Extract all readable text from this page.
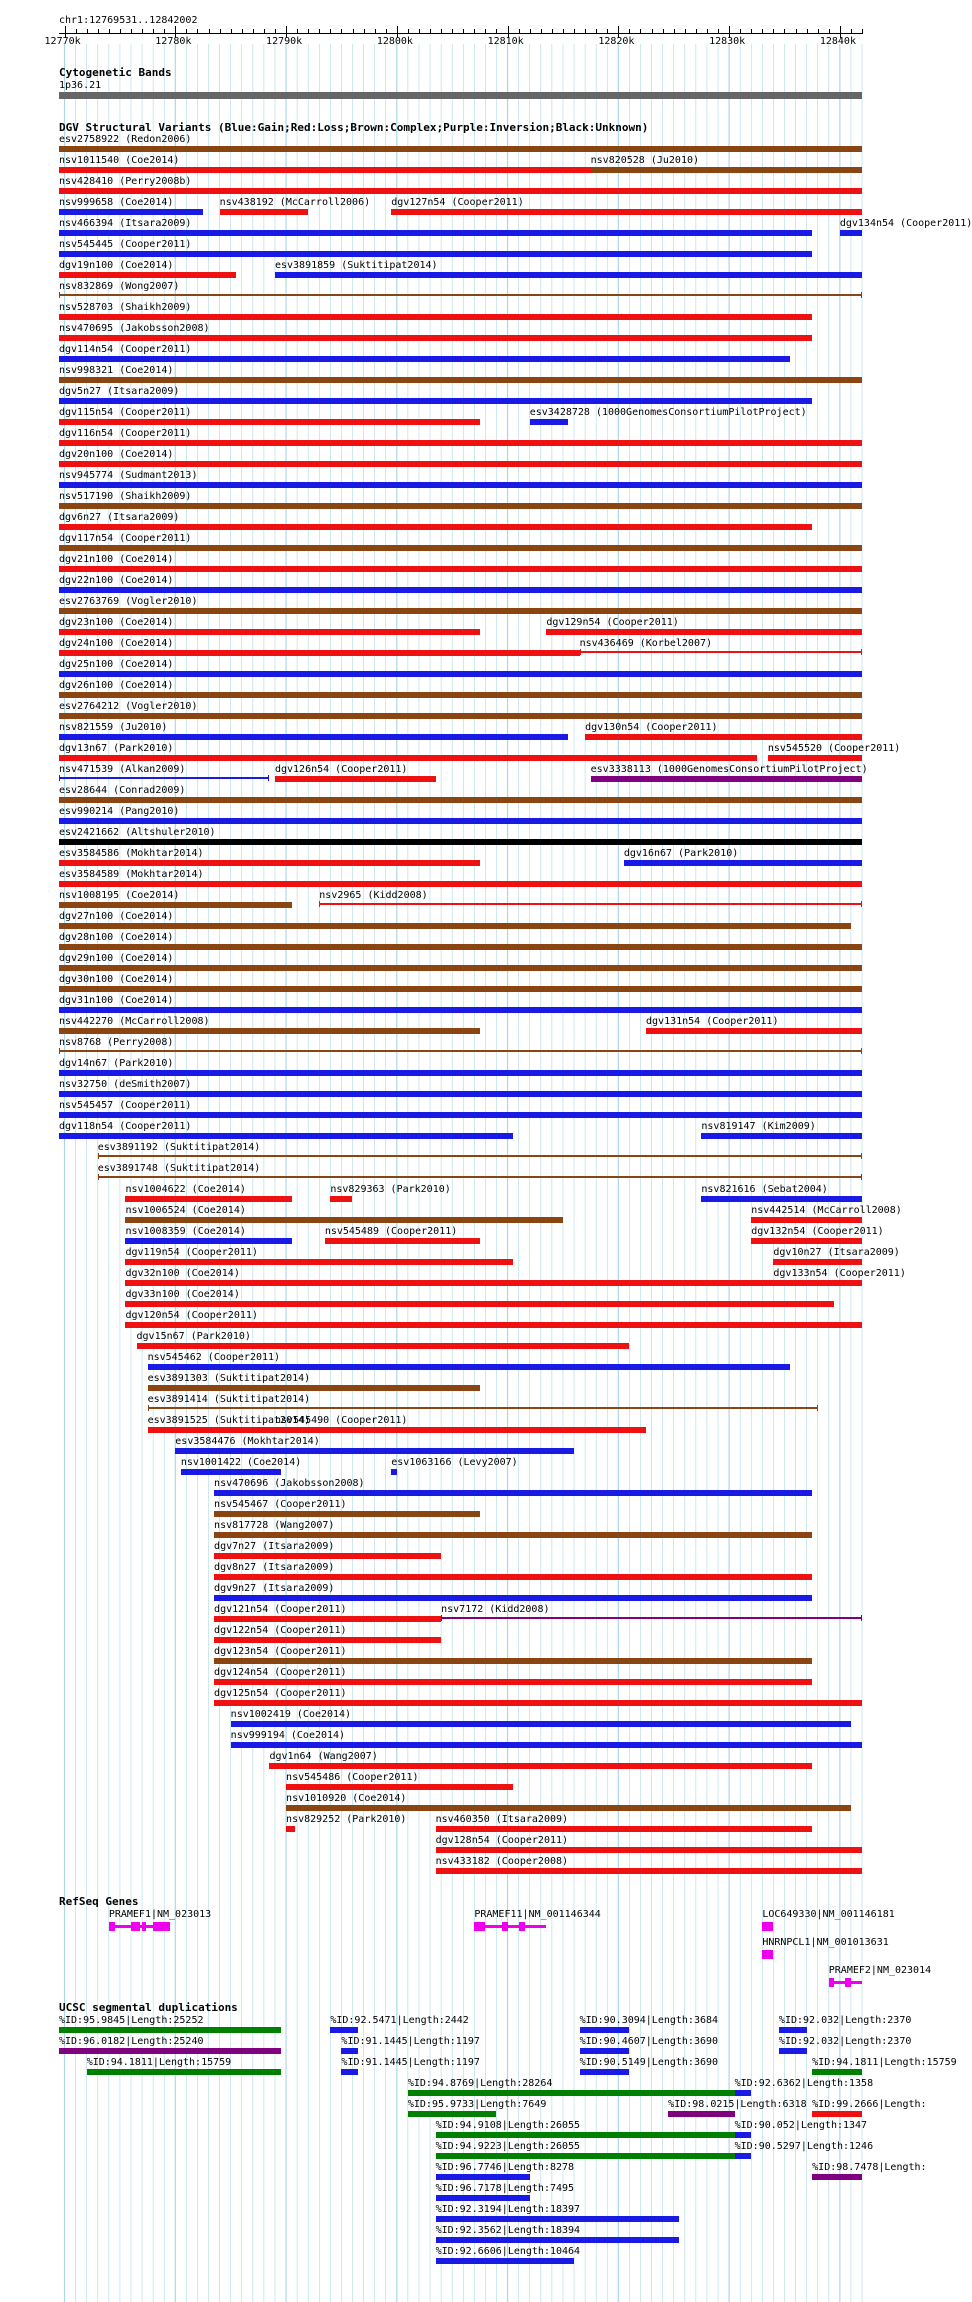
chr1:12769531..12842002
12770k	12780k	12790k	12800k	12810k	12820k	12830k	12840k
Cytogenetic Bands
1p36.21
DGV Structural Variants (Blue:Gain;Red:Loss;Brown:Complex;Purple:Inversion;Black:Unknown)
esv2758922 (Redon2006)
nsv1011540 (Coe2014)	nsv820528 (Ju2010)
nsv428410 (Perry2008b)
nsv999658 (Coe2014)	nsv438192 (McCarroll2006) dgv127n54 (Cooper2011)
nsv466394 (Itsara2009)	dgv134n54 (Cooper2011)
nsv545445 (Cooper2011)
dgv19n100 (Coe2014)	esv3891859 (Suktitipat2014)
nsv832869 (Wong2007)
nsv528703 (Shaikh2009)
nsv470695 (Jakobsson2008)
dgv114n54 (Cooper2011)
nsv998321 (Coe2014)
dgv5n27 (Itsara2009)
dgv115n54 (Cooper2011)	esv3428728 (1000GenomesConsortiumPilotProject)
dgv116n54 (Cooper2011)
dgv20n100 (Coe2014)
nsv945774 (Sudmant2013)
nsv517190 (Shaikh2009)
dgv6n27 (Itsara2009)
dgv117n54 (Cooper2011)
dgv21n100 (Coe2014)
dgv22n100 (Coe2014)
esv2763769 (Vogler2010)
dgv23n100 (Coe2014)	dgv129n54 (Cooper2011)
dgv24n100 (Coe2014)	nsv436469 (Korbel2007)
dgv25n100 (Coe2014)
dgv26n100 (Coe2014)
esv2764212 (Vogler2010)
nsv821559 (Ju2010)	dgv130n54 (Cooper2011)
dgv13n67 (Park2010)	nsv545520 (Cooper2011)
nsv471539 (Alkan2009)	dgv126n54 (Cooper2011)	esv3338113 (1000GenomesConsortiumPilotProject)
esv28644 (Conrad2009)
esv990214 (Pang2010)
esv2421662 (Altshuler2010)
esv3584586 (Mokhtar2014)	dgv16n67 (Park2010)
esv3584589 (Mokhtar2014)
nsv1008195 (Coe2014)	nsv2965 (Kidd2008)
dgv27n100 (Coe2014)
dgv28n100 (Coe2014)
dgv29n100 (Coe2014)
dgv30n100 (Coe2014)
dgv31n100 (Coe2014)
nsv442270 (McCarroll2008)	dgv131n54 (Cooper2011)
nsv8768 (Perry2008)
dgv14n67 (Park2010)
nsv32750 (deSmith2007)
nsv545457 (Cooper2011)
dgv118n54 (Cooper2011)	nsv819147 (Kim2009)
esv3891192 (Suktitipat2014)
esv3891748 (Suktitipat2014)
nsv1004622 (Coe2014)	nsv829363 (Park2010)	nsv821616 (Sebat2004)
nsv1006524 (Coe2014)	nsv442514 (McCarroll2008)
nsv1008359 (Coe2014)	nsv545489 (Cooper2011)	dgv132n54 (Cooper2011)
dgv119n54 (Cooper2011)	dgv10n27 (Itsara2009)
dgv32n100 (Coe2014)	dgv133n54 (Cooper2011)
dgv33n100 (Coe2014)
dgv120n54 (Cooper2011)
dgv15n67 (Park2010)
nsv545462 (Cooper2011)
esv3891303 (Suktitipat2014)
esv3891414 (Suktitipat2014)
esv3891525 (Suktitipat2014)
nsv545490 (Cooper2011)
esv3584476 (Mokhtar2014)
nsv1001422 (Coe2014)	esv1063166 (Levy2007)
nsv470696 (Jakobsson2008)
nsv545467 (Cooper2011)
nsv817728 (Wang2007)
dgv7n27 (Itsara2009)
dgv8n27 (Itsara2009)
dgv9n27 (Itsara2009)
dgv121n54 (Cooper2011)	nsv7172 (Kidd2008)
dgv122n54 (Cooper2011)
dgv123n54 (Cooper2011)
dgv124n54 (Cooper2011)
dgv125n54 (Cooper2011)
nsv1002419 (Coe2014)
nsv999194 (Coe2014)
dgv1n64 (Wang2007)
nsv545486 (Cooper2011)
nsv1010920 (Coe2014)
nsv829252 (Park2010)	nsv460350 (Itsara2009)
dgv128n54 (Cooper2011)
nsv433182 (Cooper2008)
RefSeq Genes
PRAMEF1|NM_023013	PRAMEF11|NM_001146344	LOC649330|NM_001146181
HNRNPCL1|NM_001013631
PRAMEF2|NM_023014
UCSC segmental duplications
%ID:95.9845|Length:25252	%ID:92.5471|Length:2442	%ID:90.3094|Length:3684	%ID:92.032|Length:2370
%ID:96.0182|Length:25240	%ID:91.1445|Length:1197	%ID:90.4607|Length:3690	%ID:92.032|Length:2370
%ID:94.1811|Length:15759	%ID:91.1445|Length:1197	%ID:90.5149|Length:3690	%ID:94.1811|Length:15759
%ID:94.8769|Length:28264	%ID:92.6362|Length:1358
%ID:95.9733|Length:7649	%ID:98.0215|Length:6318 %ID:99.2666|Length:
%ID:94.9108|Length:26055	%ID:90.052|Length:1347
%ID:94.9223|Length:26055	%ID:90.5297|Length:1246
%ID:96.7746|Length:8278	%ID:98.7478|Length:
%ID:96.7178|Length:7495
%ID:92.3194|Length:18397
%ID:92.3562|Length:18394
%ID:92.6606|Length:10464
